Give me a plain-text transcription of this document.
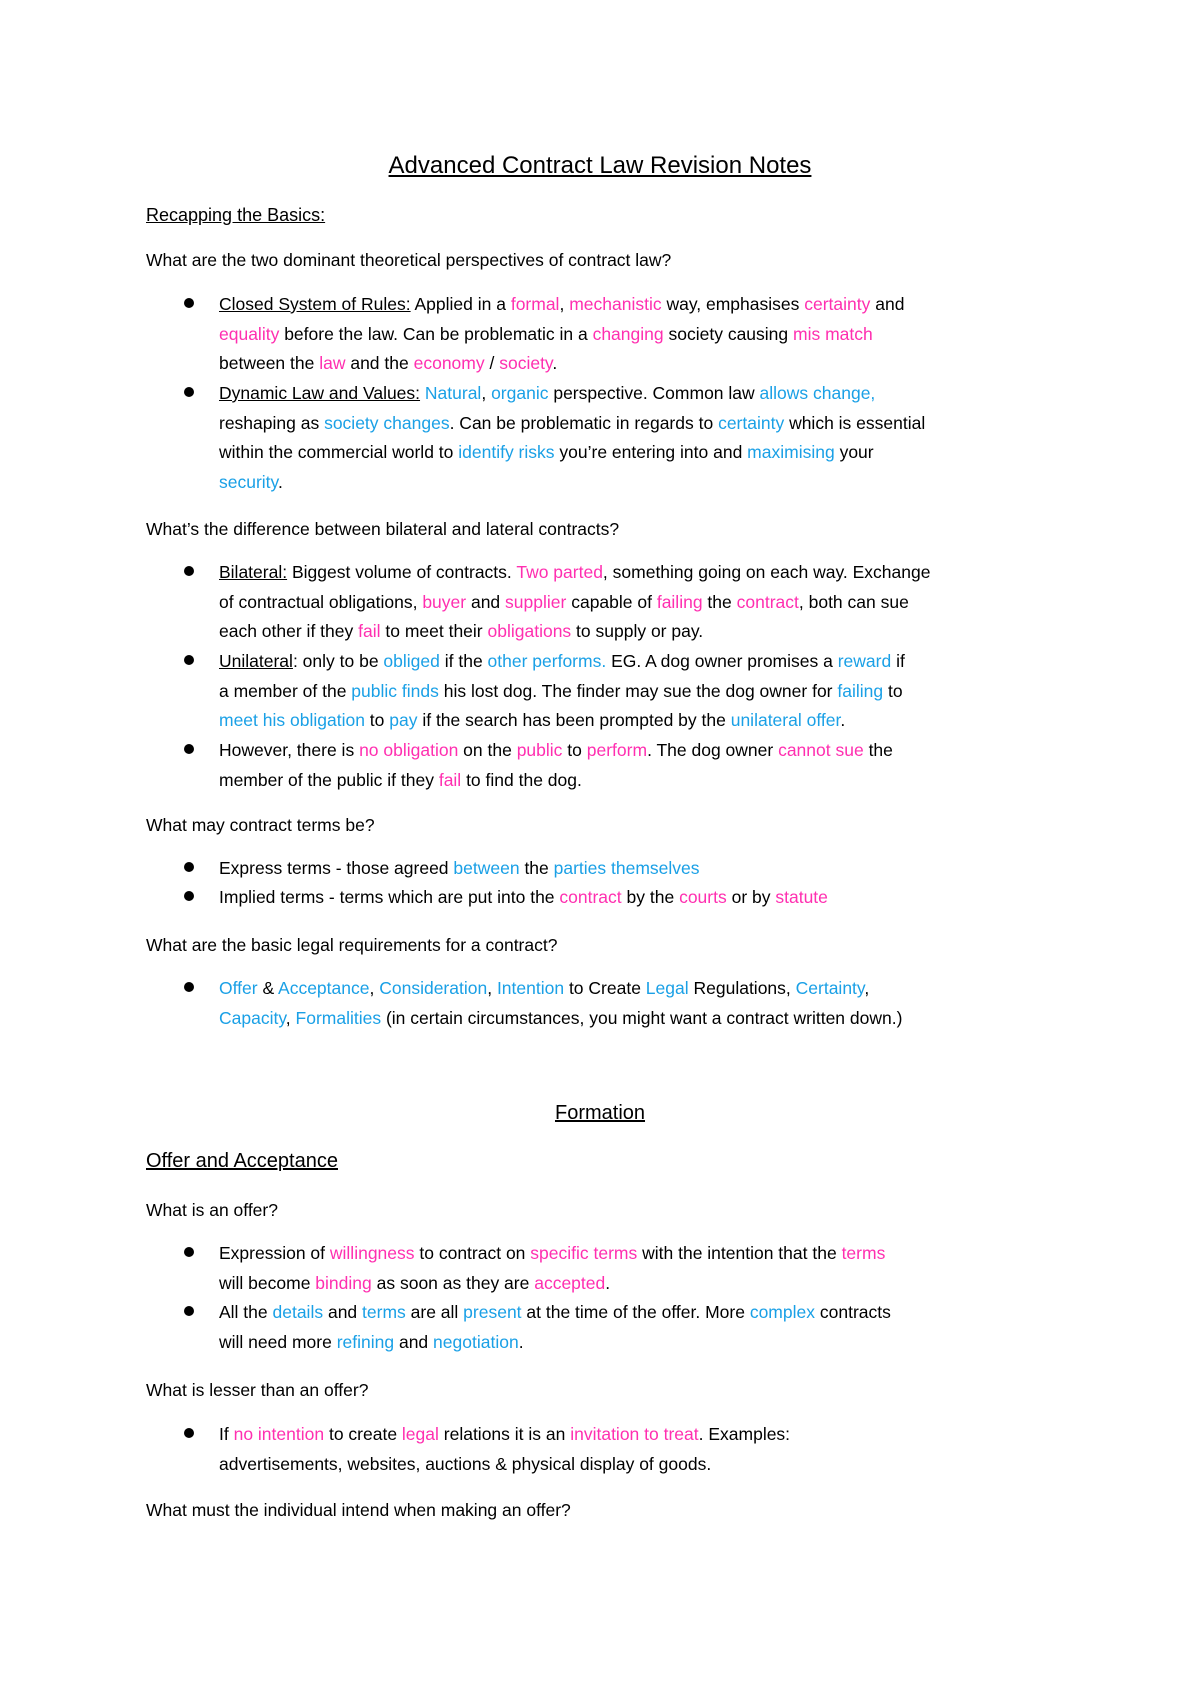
Advanced Contract Law Revision Notes
Recapping the Basics:
What are the two dominant theoretical perspectives of contract law?
Closed System of Rules: Applied in a formal, mechanistic way, emphasises certainty and
equality before the law. Can be problematic in a changing society causing mis match
between the law and the economy / society.
Dynamic Law and Values: Natural, organic perspective. Common law allows change,
reshaping as society changes. Can be problematic in regards to certainty which is essential
within the commercial world to identify risks you’re entering into and maximising your
security.
What’s the difference between bilateral and lateral contracts?
Bilateral: Biggest volume of contracts. Two parted, something going on each way. Exchange
of contractual obligations, buyer and supplier capable of failing the contract, both can sue
each other if they fail to meet their obligations to supply or pay.
Unilateral: only to be obliged if the other performs. EG. A dog owner promises a reward if
a member of the public finds his lost dog. The finder may sue the dog owner for failing to
meet his obligation to pay if the search has been prompted by the unilateral offer.
However, there is no obligation on the public to perform. The dog owner cannot sue the
member of the public if they fail to find the dog.
What may contract terms be?
Express terms - those agreed between the parties themselves
Implied terms - terms which are put into the contract by the courts or by statute
What are the basic legal requirements for a contract?
Offer & Acceptance, Consideration, Intention to Create Legal Regulations, Certainty,
Capacity, Formalities (in certain circumstances, you might want a contract written down.)
Formation
Offer and Acceptance
What is an offer?
Expression of willingness to contract on specific terms with the intention that the terms
will become binding as soon as they are accepted.
All the details and terms are all present at the time of the offer. More complex contracts
will need more refining and negotiation.
What is lesser than an offer?
If no intention to create legal relations it is an invitation to treat. Examples:
advertisements, websites, auctions & physical display of goods.
What must the individual intend when making an offer?
